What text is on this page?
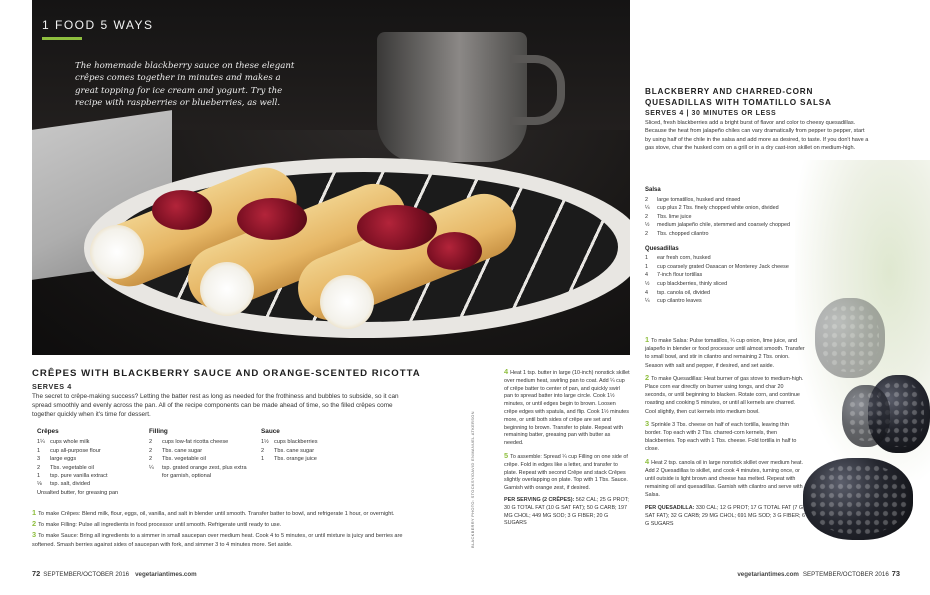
1 FOOD 5 WAYS
The homemade blackberry sauce on these elegant crêpes comes together in minutes and makes a great topping for ice cream and yogurt. Try the recipe with raspberries or blueberries, as well.
CRÊPES WITH BLACKBERRY SAUCE AND ORANGE-SCENTED RICOTTA
SERVES 4
The secret to crêpe-making success? Letting the batter rest as long as needed for the frothiness and bubbles to subside, so it can spread smoothly and evenly across the pan. All of the recipe components can be made ahead of time, so the filled crêpes come together quickly when it's time for dessert.
Crêpes
1¼ cups whole milk
1	cup all-purpose flour
3	large eggs
2	Tbs. vegetable oil
1	tsp. pure vanilla extract
⅛	tsp. salt, divided
Unsalted butter, for greasing pan
Filling
2	cups low-fat ricotta cheese
2	Tbs. cane sugar
2	Tbs. vegetable oil
¼	tsp. grated orange zest, plus extra for garnish, optional
Sauce
1½ cups blackberries
2	Tbs. cane sugar
1	Tbs. orange juice
1 To make Crêpes: Blend milk, flour, eggs, oil, vanilla, and salt in blender until smooth. Transfer batter to bowl, and refrigerate 1 hour, or overnight.
2 To make Filling: Pulse all ingredients in food processor until smooth. Refrigerate until ready to use.
3 To make Sauce: Bring all ingredients to a simmer in small saucepan over medium heat. Cook 4 to 5 minutes, or until mixture is juicy and berries are softened. Smash berries against sides of saucepan with fork, and simmer 3 to 4 minutes more. Set aside.
4 Heat 1 tsp. butter in large (10-inch) nonstick skillet over medium heat, swirling pan to coat. Add ¼ cup of crêpe batter to center of pan, and quickly swirl pan to spread batter into large circle. Cook 1½ minutes, or until edges begin to brown. Loosen crêpe edges with spatula, and flip. Cook 1½ minutes more, or until both sides of crêpe are set and beginning to brown. Transfer to plate. Repeat with remaining batter, greasing pan with butter as needed.
5 To assemble: Spread ¼ cup Filling on one side of crêpe. Fold in edges like a letter, and transfer to plate. Repeat with second Crêpe and stack Crêpes slightly overlapping on plate. Top with 1 Tbs. Sauce. Garnish with orange zest, if desired.
PER SERVING (2 CRÊPES): 562 CAL; 25 G PROT; 30 G TOTAL FAT (10 G SAT FAT); 50 G CARB; 197 MG CHOL; 449 MG SOD; 3 G FIBER; 20 G SUGARS
BLACKBERRY PHOTO: STOCKSY/DAVID ENMANUEL ATKERSON
72 SEPTEMBER/OCTOBER 2016 vegetariantimes.com
BLACKBERRY AND CHARRED-CORN QUESADILLAS WITH TOMATILLO SALSA
SERVES 4 | 30 MINUTES OR LESS
Sliced, fresh blackberries add a bright burst of flavor and color to cheesy quesadillas. Because the heat from jalapeño chiles can vary dramatically from pepper to pepper, start by using half of the chile in the salsa and add more as desired, to taste. If you don't have a gas stove, char the husked corn on a grill or in a dry cast-iron skillet on medium-high.
Salsa
2	large tomatillos, husked and rinsed
¼	cup plus 2 Tbs. finely chopped white onion, divided
2	Tbs. lime juice
½	medium jalapeño chile, stemmed and coarsely chopped
2	Tbs. chopped cilantro
Quesadillas
1	ear fresh corn, husked
1	cup coarsely grated Oaxacan or Monterey Jack cheese
4	7-inch flour tortillas
½	cup blackberries, thinly sliced
4	tsp. canola oil, divided
¼	cup cilantro leaves
1 To make Salsa: Pulse tomatillos, ¼ cup onion, lime juice, and jalapeño in blender or food processor until almost smooth. Transfer to small bowl, and stir in cilantro and remaining 2 Tbs. onion. Season with salt and pepper, if desired, and set aside.
2 To make Quesadillas: Heat burner of gas stove to medium-high. Place corn ear directly on burner using tongs, and char 20 seconds, or until beginning to blacken. Rotate corn, and continue roasting and cooking 5 minutes, or until all kernels are charred. Cool slightly, then cut kernels into medium bowl.
3 Sprinkle 3 Tbs. cheese on half of each tortilla, leaving thin border. Top each with 2 Tbs. charred-corn kernels, then blackberries. Top each with 1 Tbs. cheese. Fold tortilla in half to close.
4 Heat 2 tsp. canola oil in large nonstick skillet over medium heat. Add 2 Quesadillas to skillet, and cook 4 minutes, turning once, or until outside is light brown and cheese has melted. Repeat with remaining oil and quesadillas. Garnish with cilantro and serve with Salsa.
PER QUESADILLA: 330 CAL; 12 G PROT; 17 G TOTAL FAT (7 G SAT FAT); 32 G CARB; 29 MG CHOL; 691 MG SOD; 3 G FIBER; 6 G SUGARS
vegetariantimes.com SEPTEMBER/OCTOBER 2016 73
